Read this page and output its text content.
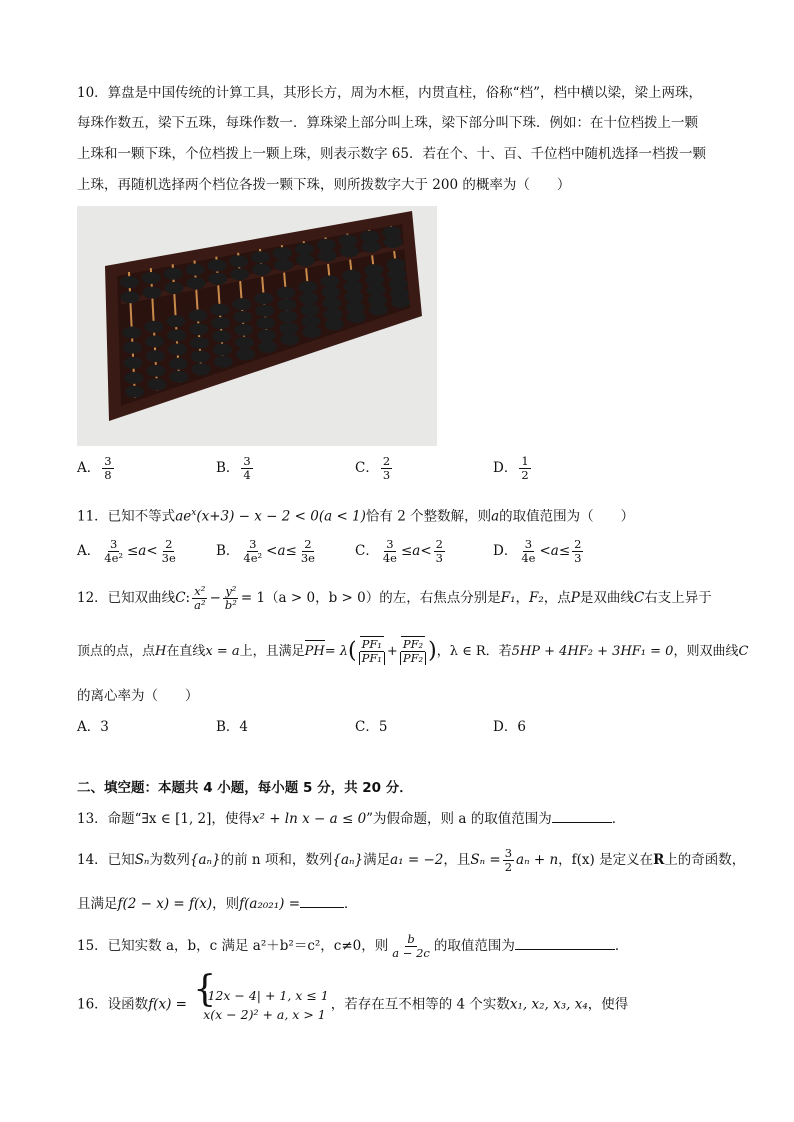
10．算盘是中国传统的计算工具，其形长方，周为木框，内贯直柱，俗称“档”，档中横以梁，梁上两珠，
每珠作数五，梁下五珠，每珠作数一．算珠梁上部分叫上珠，梁下部分叫下珠．例如：在十位档拨上一颗
上珠和一颗下珠，个位档拨上一颗上珠，则表示数字 65．若在个、十、百、千位档中随机选择一档拨一颗
上珠，再随机选择两个档位各拨一颗下珠，则所拨数字大于 200 的概率为（　　）
A． $\frac{3}{8}$	B． $\frac{3}{4}$	C． $\frac{2}{3}$	D． $\frac{1}{2}$
11．已知不等式$ae^x(x+3) - x - 2 < 0(a < 1)$恰有 2 个整数解，则a的取值范围为（　　）
A． $\frac{3}{\text{4e²}} \le a< \frac{2}{3e}$	B． $\frac{3}{\text{4e²}} <a\le \frac{2}{3e}$	C． $\frac{3}{4e} \le a< \frac{2}{3}$	D． $\frac{3}{4e} <a\le \frac{2}{3}$
12．已知双曲线C: $\frac{\text{x²}}{\text{a²}} - \frac{\text{y²}}{\text{b²}} = 1(a > 0$，b > 0）的左，右焦点分别是F₁，F₂，点P是双曲线C右支上异于
顶点的点，点H在直线x = a上，且满足$PH= \lambda( \frac{\text{PF₁}}{\text{PF₁}} + \frac{\text{PF₂}}{\text{PF₂}}$ )，λ ∈ R．若5HP + 4HF₂ + 3HF₁ = 0，则双曲线C
的离心率为（　　）
A．3	B．4	C．5	D．6
二、填空题：本题共 4 小题，每小题 5 分，共 20 分．
13．命题“∃x ∈ [1, 2]，使得x² + ln x − a ≤ 0”为假命题，则 a 的取值范围为	．
14．已知Sₙ为数列{aₙ}的前 n 项和，数列{aₙ}满足a₁ = −2，且$S_n = \frac{3}{2}$ aₙ + n，f(x) 是定义在R上的奇函数，
且满足f(2 − x) = f(x)，则f(a₂₀₂₁) =	．
15．已知实数 a，b，c 满足 a²＋b²＝c²，c≠0，则 $\frac{b}{a - 2c}$ 的取值范围为	．
16．设函数f(x) = {
|12x − 4| + 1, x ≤ 1
x(x − 2)² + a, x > 1
，若存在互不相等的 4 个实数x₁, x₂, x₃, x₄，使得
